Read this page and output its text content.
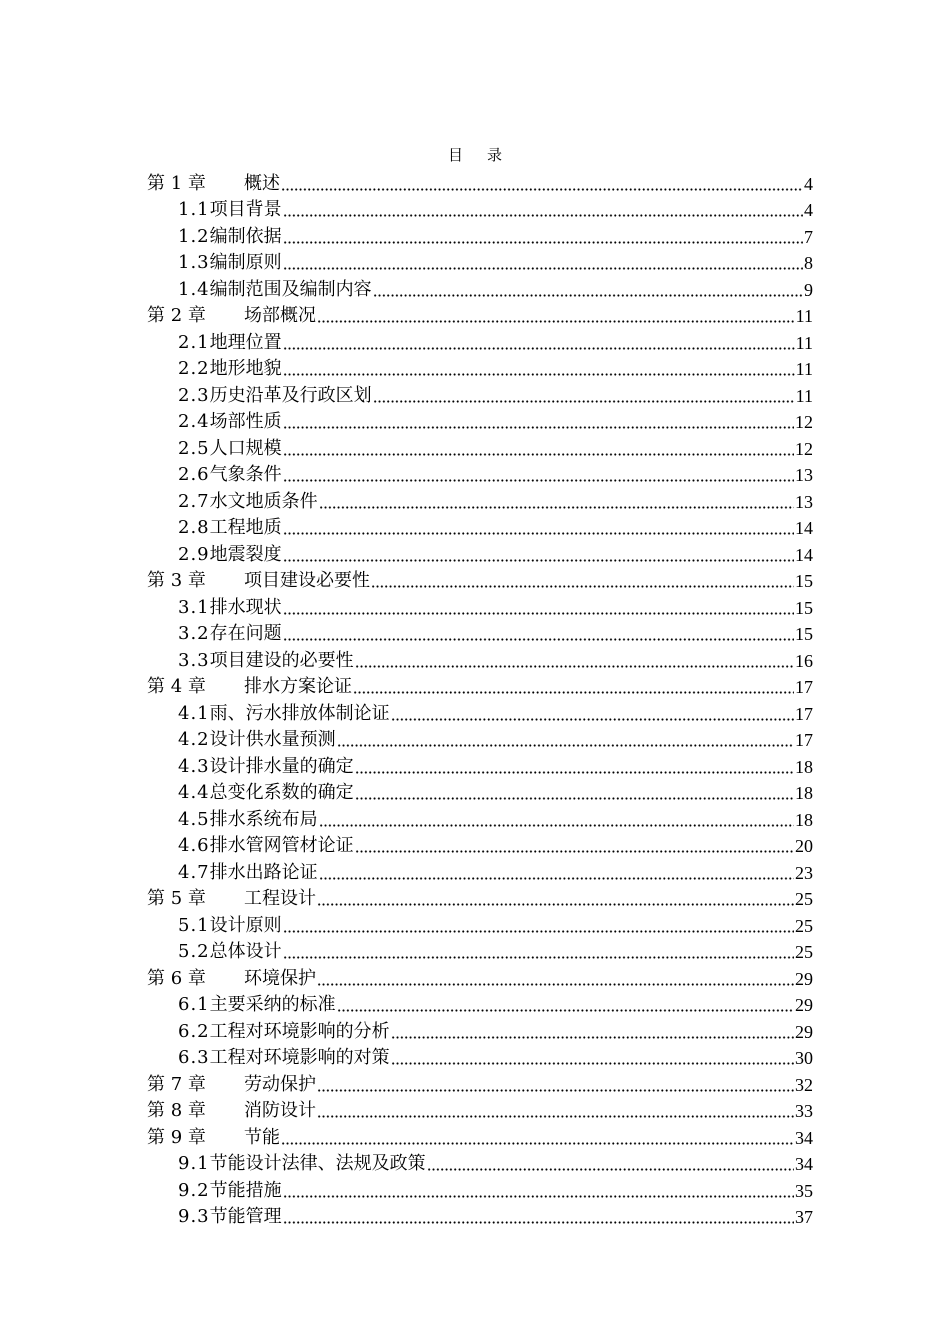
目 录
第 1 章	概述	4
1.1 项目背景	4
1.2 编制依据	7
1.3 编制原则	8
1.4 编制范围及编制内容	9
第 2 章	场部概况	11
2.1 地理位置	11
2.2 地形地貌	11
2.3 历史沿革及行政区划	11
2.4 场部性质	12
2.5 人口规模	12
2.6 气象条件	13
2.7 水文地质条件	13
2.8 工程地质	14
2.9 地震裂度	14
第 3 章	项目建设必要性	15
3.1 排水现状	15
3.2 存在问题	15
3.3 项目建设的必要性	16
第 4 章	排水方案论证	17
4.1 雨、污水排放体制论证	17
4.2 设计供水量预测	17
4.3 设计排水量的确定	18
4.4 总变化系数的确定	18
4.5 排水系统布局	18
4.6 排水管网管材论证	20
4.7 排水出路论证	23
第 5 章	工程设计	25
5.1 设计原则	25
5.2 总体设计	25
第 6 章	环境保护	29
6.1 主要采纳的标准	29
6.2 工程对环境影响的分析	29
6.3 工程对环境影响的对策	30
第 7 章	劳动保护	32
第 8 章	消防设计	33
第 9 章	节能	34
9.1 节能设计法律、法规及政策	34
9.2 节能措施	35
9.3 节能管理	37
